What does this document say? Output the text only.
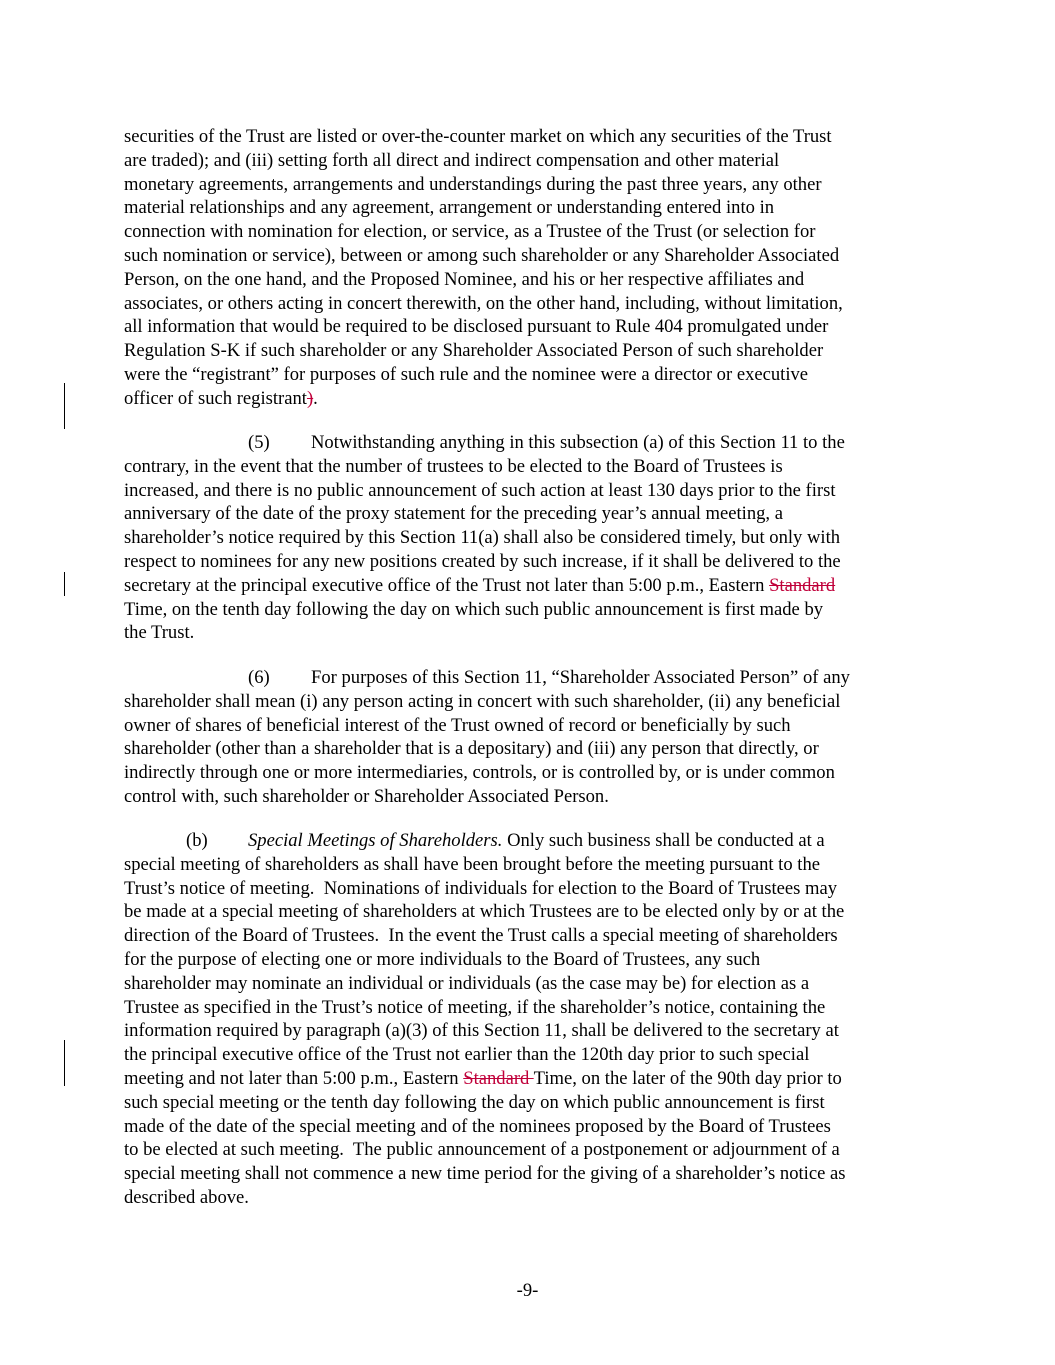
securities of the Trust are listed or over-the-counter market on which any securities of the Trust
are traded); and (iii) setting forth all direct and indirect compensation and other material
monetary agreements, arrangements and understandings during the past three years, any other
material relationships and any agreement, arrangement or understanding entered into in
connection with nomination for election, or service, as a Trustee of the Trust (or selection for
such nomination or service), between or among such shareholder or any Shareholder Associated
Person, on the one hand, and the Proposed Nominee, and his or her respective affiliates and
associates, or others acting in concert therewith, on the other hand, including, without limitation,
all information that would be required to be disclosed pursuant to Rule 404 promulgated under
Regulation S-K if such shareholder or any Shareholder Associated Person of such shareholder
were the “registrant” for purposes of such rule and the nominee were a director or executive
officer of such registrant).
(5) Notwithstanding anything in this subsection (a) of this Section 11 to the
contrary, in the event that the number of trustees to be elected to the Board of Trustees is
increased, and there is no public announcement of such action at least 130 days prior to the first
anniversary of the date of the proxy statement for the preceding year’s annual meeting, a
shareholder’s notice required by this Section 11(a) shall also be considered timely, but only with
respect to nominees for any new positions created by such increase, if it shall be delivered to the
secretary at the principal executive office of the Trust not later than 5:00 p.m., Eastern Standard
Time, on the tenth day following the day on which such public announcement is first made by
the Trust.
(6) For purposes of this Section 11, “Shareholder Associated Person” of any
shareholder shall mean (i) any person acting in concert with such shareholder, (ii) any beneficial
owner of shares of beneficial interest of the Trust owned of record or beneficially by such
shareholder (other than a shareholder that is a depositary) and (iii) any person that directly, or
indirectly through one or more intermediaries, controls, or is controlled by, or is under common
control with, such shareholder or Shareholder Associated Person.
(b) Special Meetings of Shareholders. Only such business shall be conducted at a
special meeting of shareholders as shall have been brought before the meeting pursuant to the
Trust’s notice of meeting.  Nominations of individuals for election to the Board of Trustees may
be made at a special meeting of shareholders at which Trustees are to be elected only by or at the
direction of the Board of Trustees.  In the event the Trust calls a special meeting of shareholders
for the purpose of electing one or more individuals to the Board of Trustees, any such
shareholder may nominate an individual or individuals (as the case may be) for election as a
Trustee as specified in the Trust’s notice of meeting, if the shareholder’s notice, containing the
information required by paragraph (a)(3) of this Section 11, shall be delivered to the secretary at
the principal executive office of the Trust not earlier than the 120th day prior to such special
meeting and not later than 5:00 p.m., Eastern Standard Time, on the later of the 90th day prior to
such special meeting or the tenth day following the day on which public announcement is first
made of the date of the special meeting and of the nominees proposed by the Board of Trustees
to be elected at such meeting.  The public announcement of a postponement or adjournment of a
special meeting shall not commence a new time period for the giving of a shareholder’s notice as
described above.
-9-
